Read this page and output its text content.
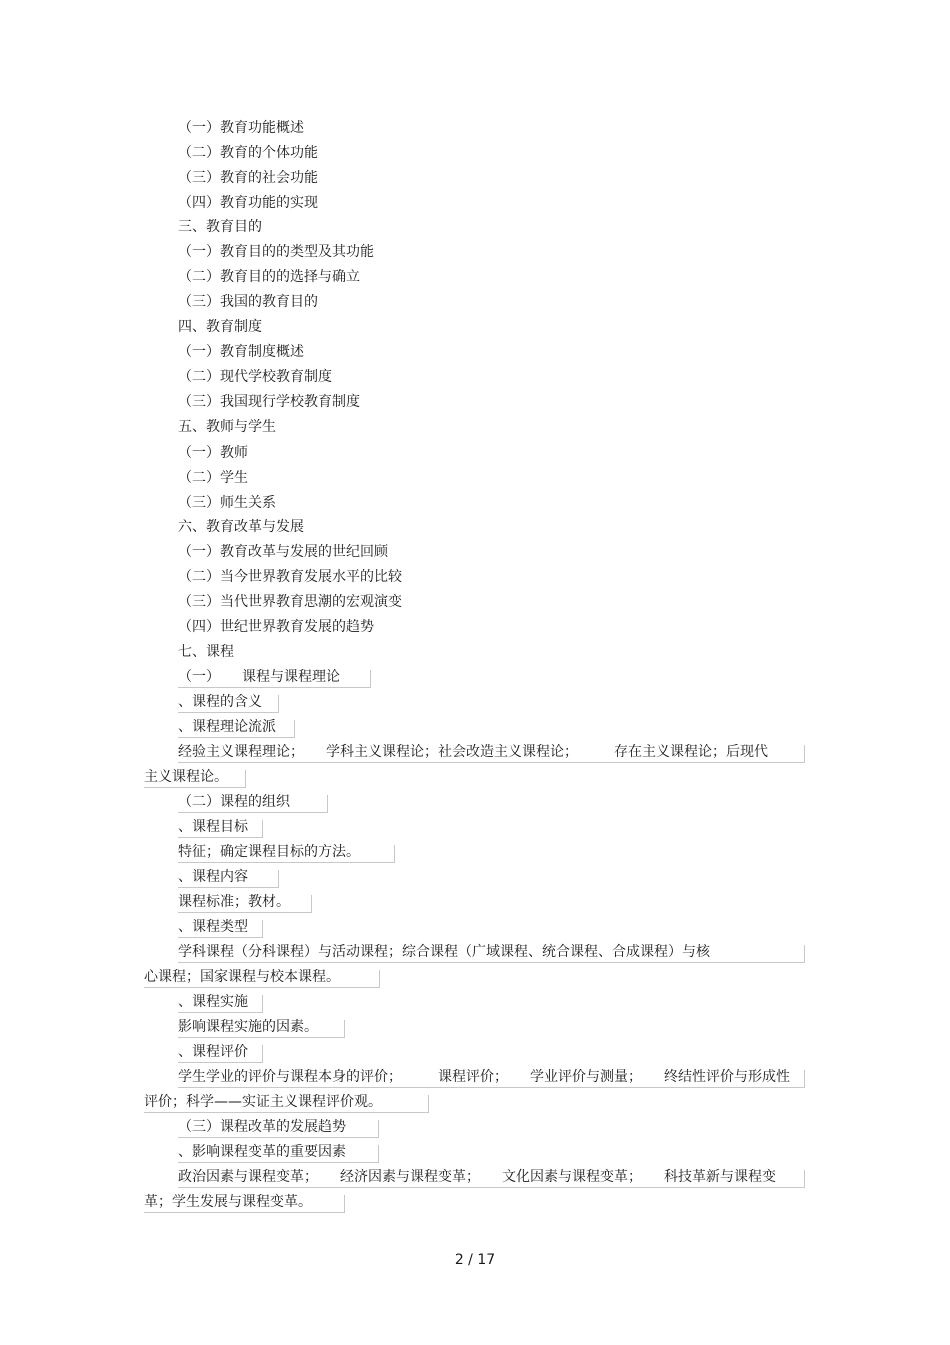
（一）教育功能概述
（二）教育的个体功能
（三）教育的社会功能
（四）教育功能的实现
三、教育目的
（一）教育目的的类型及其功能
（二）教育目的的选择与确立
（三）我国的教育目的
四、教育制度
（一）教育制度概述
（二）现代学校教育制度
（三）我国现行学校教育制度
五、教师与学生
（一）教师
（二）学生
（三）师生关系
六、教育改革与发展
（一）教育改革与发展的世纪回顾
（二）当今世界教育发展水平的比较
（三）当代世界教育思潮的宏观演变
（四）世纪世界教育发展的趋势
七、课程
（一） 课程与课程理论
、课程的含义
、课程理论流派
经验主义课程理论； 学科主义课程论；社会改造主义课程论；	存在主义课程论；后现代
主义课程论。
（二）课程的组织
、课程目标
特征；确定课程目标的方法。
、课程内容
课程标准；教材。
、课程类型
学科课程（分科课程）与活动课程；综合课程（广域课程、统合课程、合成课程）与核
心课程；国家课程与校本课程。
、课程实施
影响课程实施的因素。
、课程评价
学生学业的评价与课程本身的评价；	课程评价； 学业评价与测量； 终结性评价与形成性
评价；科学——实证主义课程评价观。
（三）课程改革的发展趋势
、影响课程变革的重要因素
政治因素与课程变革； 经济因素与课程变革； 文化因素与课程变革； 科技革新与课程变
革；学生发展与课程变革。
2 / 17
